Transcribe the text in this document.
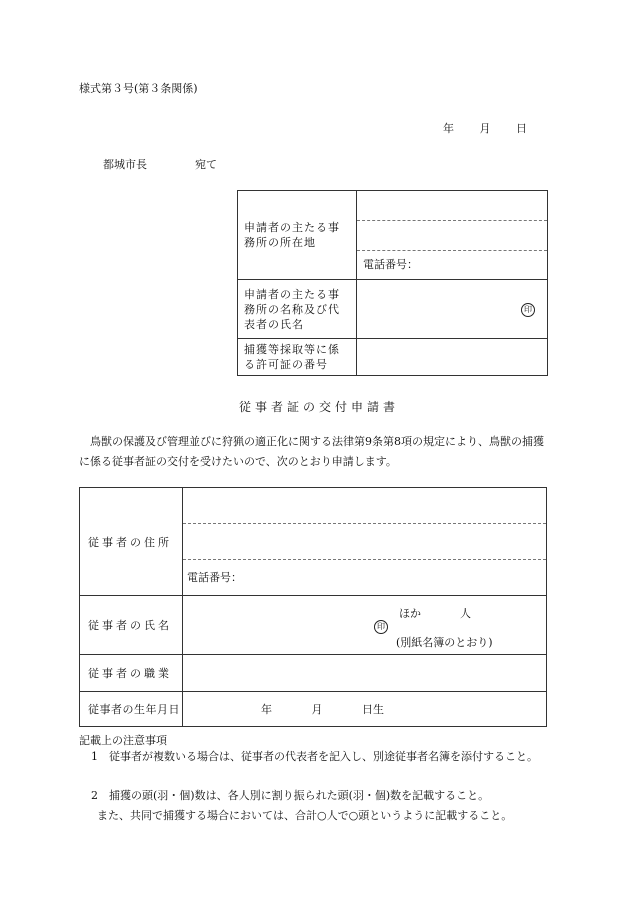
様式第３号(第３条関係)
年 月 日
都城市長	宛て
申請者の主たる事務所の所在地	電話番号：

申請者の主たる事務所の名称及び代表者の氏名	印

捕獲等採取等に係る許可証の番号	

従事者証の交付申請書
鳥獣の保護及び管理並びに狩猟の適正化に関する法律第9条第8項の規定により、鳥獣の捕獲に係る従事者証の交付を受けたいので、次のとおり申請します。
従事者の住所	電話番号：

従事者の氏名	印
ほか 人
(別紙名簿のとおり)

従事者の職業	
従事者の生年月日	年 月 日生
記載上の注意事項
1　従事者が複数いる場合は、従事者の代表者を記入し、別途従事者名簿を添付すること。
2　捕獲の頭(羽・個)数は、各人別に割り振られた頭(羽・個)数を記載すること。
また、共同で捕獲する場合においては、合計○人で○頭というように記載すること。
